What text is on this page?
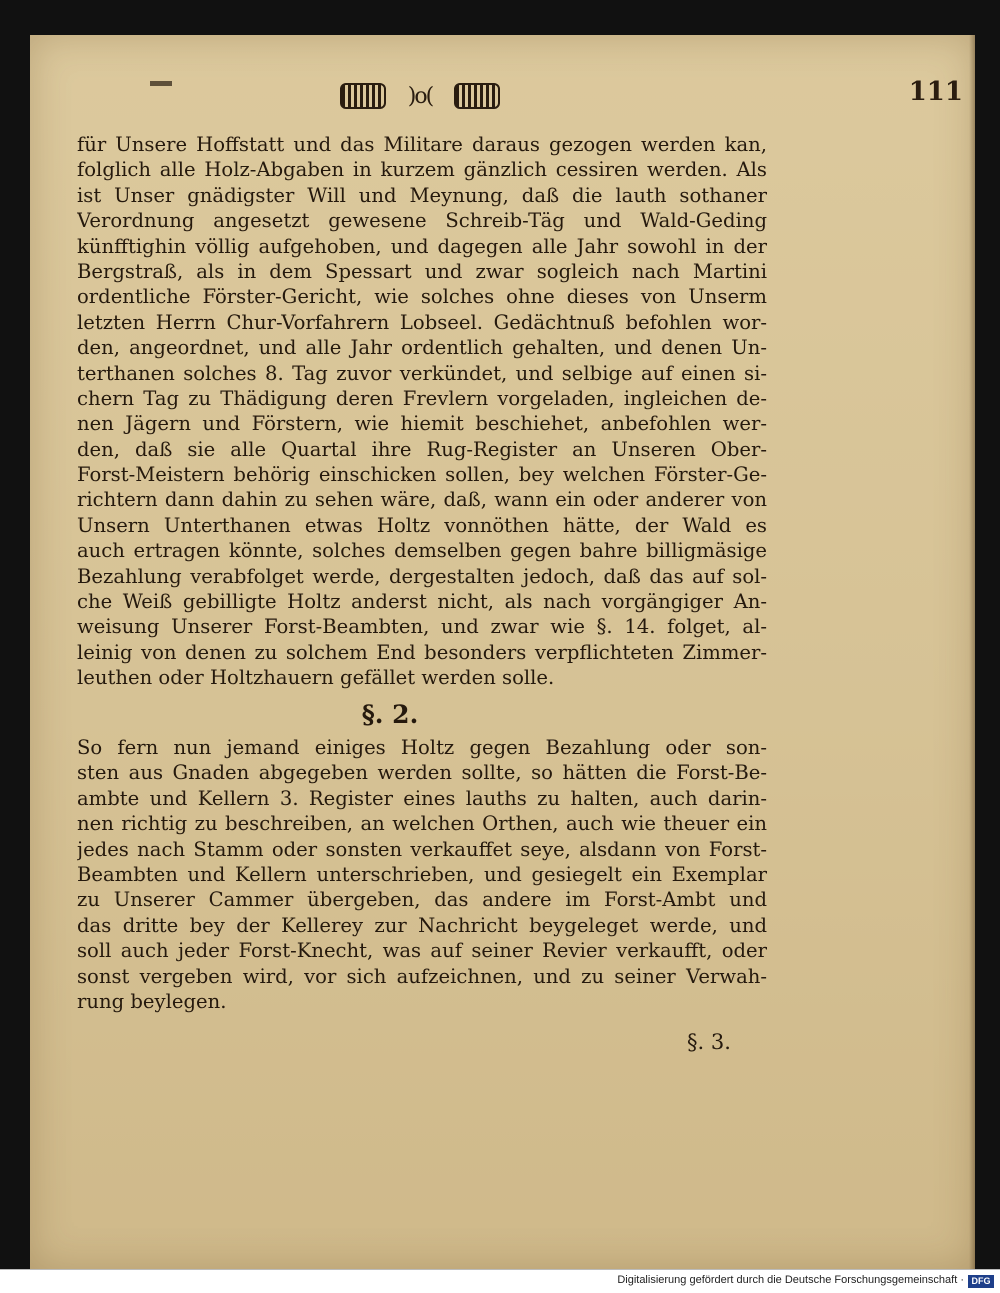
)o(	111
für Unsere Hoffstatt und das Militare daraus gezogen werden kan,
folglich alle Holz-Abgaben in kurzem gänzlich cessiren werden. Als
ist Unser gnädigster Will und Meynung, daß die lauth sothaner
Verordnung angesetzt gewesene Schreib-Täg und Wald-Geding
künfftighin völlig aufgehoben, und dagegen alle Jahr sowohl in der
Bergstraß, als in dem Spessart und zwar sogleich nach Martini
ordentliche Förster-Gericht, wie solches ohne dieses von Unserm
letzten Herrn Chur-Vorfahrern Lobseel. Gedächtnuß befohlen wor-
den, angeordnet, und alle Jahr ordentlich gehalten, und denen Un-
terthanen solches 8. Tag zuvor verkündet, und selbige auf einen si-
chern Tag zu Thädigung deren Frevlern vorgeladen, ingleichen de-
nen Jägern und Förstern, wie hiemit beschiehet, anbefohlen wer-
den, daß sie alle Quartal ihre Rug-Register an Unseren Ober-
Forst-Meistern behörig einschicken sollen, bey welchen Förster-Ge-
richtern dann dahin zu sehen wäre, daß, wann ein oder anderer von
Unsern Unterthanen etwas Holtz vonnöthen hätte, der Wald es
auch ertragen könnte, solches demselben gegen bahre billigmäsige
Bezahlung verabfolget werde, dergestalten jedoch, daß das auf sol-
che Weiß gebilligte Holtz anderst nicht, als nach vorgängiger An-
weisung Unserer Forst-Beambten, und zwar wie §. 14. folget, al-
leinig von denen zu solchem End besonders verpflichteten Zimmer-
leuthen oder Holtzhauern gefället werden solle.
§. 2.
So fern nun jemand einiges Holtz gegen Bezahlung oder son-
sten aus Gnaden abgegeben werden sollte, so hätten die Forst-Be-
ambte und Kellern 3. Register eines lauths zu halten, auch darin-
nen richtig zu beschreiben, an welchen Orthen, auch wie theuer ein
jedes nach Stamm oder sonsten verkauffet seye, alsdann von Forst-
Beambten und Kellern unterschrieben, und gesiegelt ein Exemplar
zu Unserer Cammer übergeben, das andere im Forst-Ambt und
das dritte bey der Kellerey zur Nachricht beygeleget werde, und
soll auch jeder Forst-Knecht, was auf seiner Revier verkaufft, oder
sonst vergeben wird, vor sich aufzeichnen, und zu seiner Verwah-
rung beylegen.
§. 3.
Digitalisierung gefördert durch die Deutsche Forschungsgemeinschaft · DFG
